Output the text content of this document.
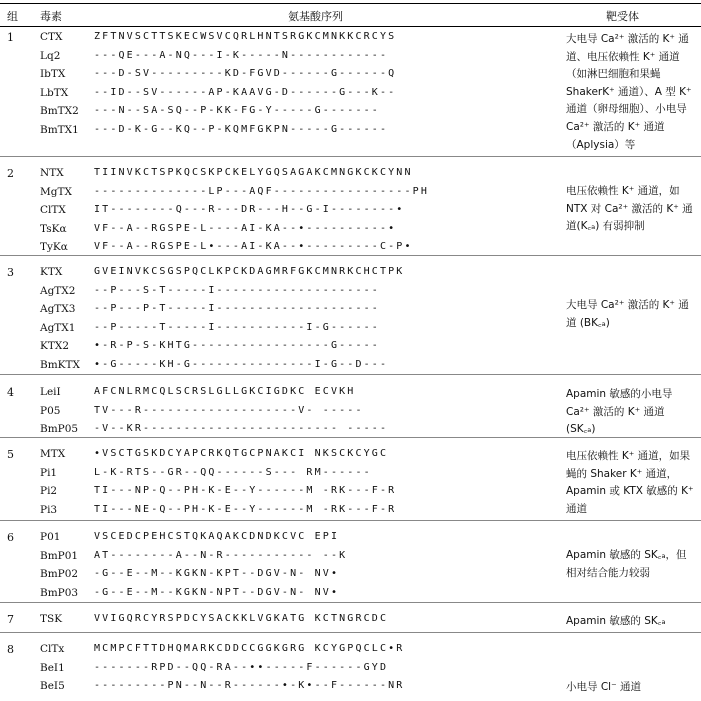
组 毒素	氨基酸序列	靶受体
1 CTX	ZFTNVSCTTSKECWSVCQRLHNTSRGKCMNKKCRCYS
Lq2	---QE---A-NQ---I-K-----N------------
IbTX	---D-SV---------KD-FGVD------G------Q
LbTX	--ID--SV------AP-KAAVG-D------G---K--
BmTX2 ---N--SA-SQ--P-KK-FG-Y-----G-------
BmTX1 ---D-K-G--KQ--P-KQMFGKPN-----G------
大电导 Ca²⁺ 激活的 K⁺ 通道、电压依赖性 K⁺ 通道（如淋巴细胞和果蝇 ShakerK⁺ 通道）、A 型 K⁺ 通道（卵母细胞）、小电导 Ca²⁺ 激活的 K⁺ 通道（Aplysia）等
2 NTX	TIINVKCTSPKQCSKPCKELYGQSAGAKCMNGKCKCYNN
MgTX --------------LP---AQF-----------------PH
ClTX	IT--------Q---R---DR---H--G-I--------•
TsKα	VF--A--RGSPE-L----AI-KA--•----------•
TyKα	VF--A--RGSPE-L•---AI-KA--•---------C-P•
电压依赖性 K⁺ 通道，如 NTX 对 Ca²⁺ 激活的 K⁺ 通道(K꜀ₐ) 有弱抑制
3 KTX	GVEINVKCSGSPQCLKPCKDAGMRFGKCMNRKCHCTPK
AgTX2 --P---S-T-----I--------------------
AgTX3 --P---P-T-----I--------------------
AgTX1 --P-----T-----I-----------I-G------
KTX2 •-R-P-S-KHTG-----------------G-----
BmKTX •-G-----KH-G---------------I-G--D---
大电导 Ca²⁺ 激活的 K⁺ 通道 (BK꜀ₐ)
4 LeiⅠ	AFCNLRMCQLSCRSLGLLGKCIGDKC ECVKH
P05	TV---R-------------------V- -----
BmP05 -V--KR------------------------ -----
Apamin 敏感的小电导 Ca²⁺ 激活的 K⁺ 通道 (SK꜀ₐ)
5 MTX	•VSCTGSKDCYAPCRKQTGCPNAKCI NKSCKCYGC
Pi1	L-K-RTS--GR--QQ------S--- RM------
Pi2	TI---NP-Q--PH-K-E--Y------M -RK---F-R
Pi3	TI---NE-Q--PH-K-E--Y------M -RK---F-R
电压依赖性 K⁺ 通道，如果蝇的 Shaker K⁺ 通道，Apamin 或 KTX 敏感的 K⁺ 通道
6 P01	VSCEDCPEHCSTQKAQAKCDNDKCVC EPI
BmP01 AT--------A--N-R----------- --K
BmP02 -G--E--M--KGKN-KPT--DGV-N- NV•
BmP03 -G--E--M--KGKN-NPT--DGV-N- NV•
Apamin 敏感的 SK꜀ₐ，但相对结合能力较弱
7 TSK	VVIGQRCYRSPDCYSACKKLVGKATG KCTNGRCDC	Apamin 敏感的 SK꜀ₐ
8 ClTx	MCMPCFTTDHQMARKCDDCCGGKGRG KCYGPQCLC•R
BeⅠ1	-------RPD--QQ-RA--••-----F------GYD
BeⅠ5	---------PN--N--R------•-K•--F------NR	小电导 Cl⁻ 通道
